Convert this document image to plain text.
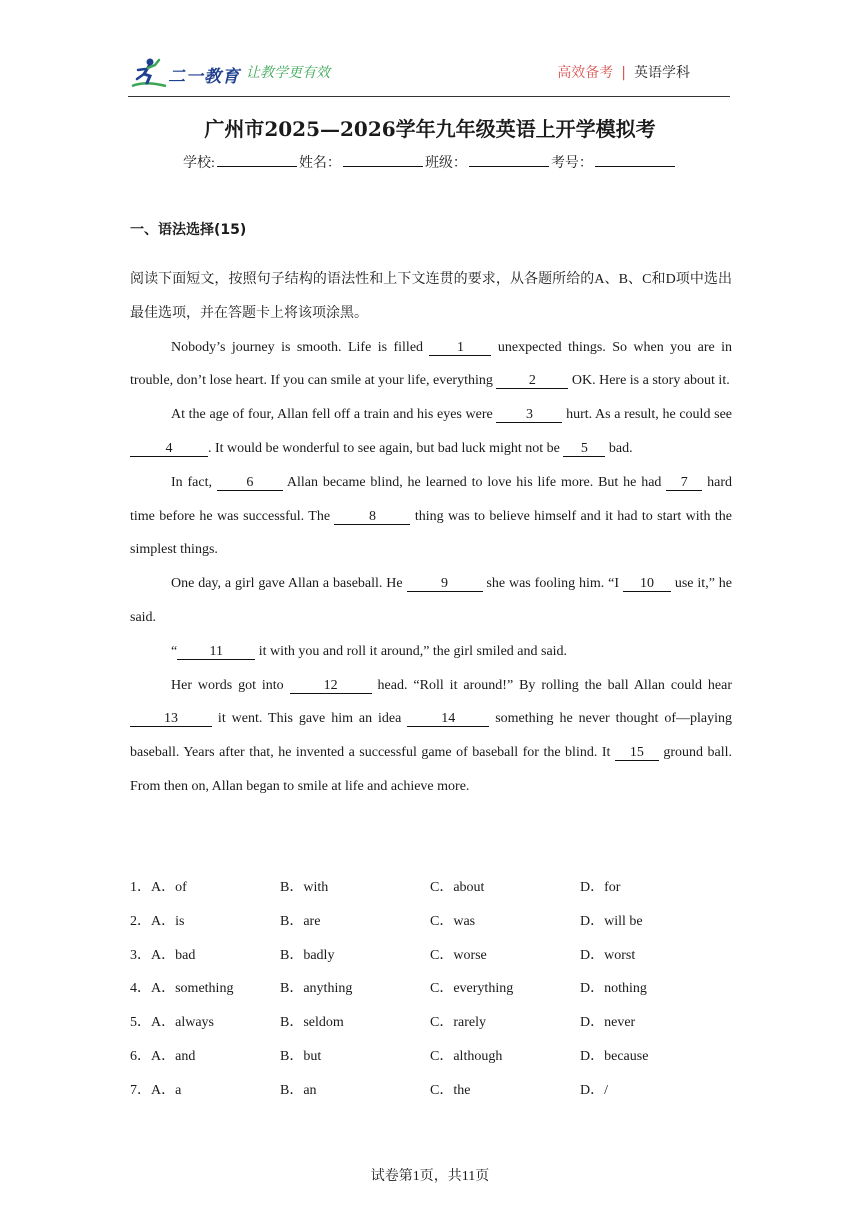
二一教育 让教学更有效	高效备考 | 英语学科
广州市2025—2026学年九年级英语上开学模拟考
学校:	姓名：	班级：	考号：
一、语法选择(15)

阅读下面短文，按照句子结构的语法性和上下文连贯的要求，从各题所给的A、B、C和D项中选出最佳选项，并在答题卡上将该项涂黑。

Nobody’s journey is smooth. Life is filled 1 unexpected things. So when you are in trouble, don’t lose heart. If you can smile at your life, everything 2 OK. Here is a story about it.

At the age of four, Allan fell off a train and his eyes were 3 hurt. As a result, he could see 4	. It would be wonderful to see again, but bad luck might not be 5 bad.

In fact, 6 Allan became blind, he learned to love his life more. But he had 7 hard time before he was successful. The 8 thing was to believe himself and it had to start with the simplest things.

One day, a girl gave Allan a baseball. He 9 she was fooling him. “I 10 use it,” he said.

“ 11 it with you and roll it around,” the girl smiled and said.

Her words got into 12 head. “Roll it around!” By rolling the ball Allan could hear 13 it went. This gave him an idea 14 something he never thought of—playing baseball. Years after that, he invented a successful game of baseball for the blind. It 15 ground ball. From then on, Allan began to smile at life and achieve more.

1．A．of	B．with	C．about	D．for
2．A．is	B．are	C．was	D．will be
3．A．bad	B．badly	C．worse	D．worst
4．A．something	B．anything	C．everything	D．nothing
5．A．always	B．seldom	C．rarely	D．never
6．A．and	B．but	C．although	D．because
7．A．a	B．an	C．the	D．/
试卷第1页，共11页
